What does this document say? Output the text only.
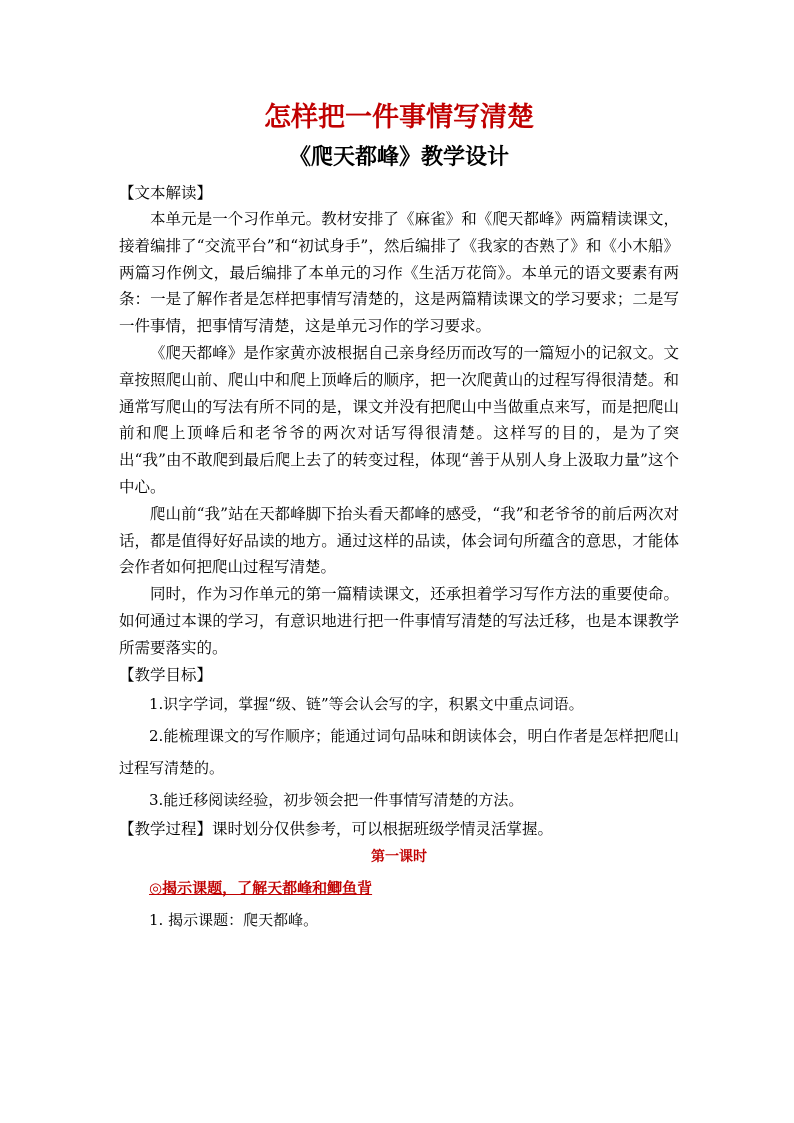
怎样把一件事情写清楚
《爬天都峰》教学设计

【文本解读】

本单元是一个习作单元。教材安排了《麻雀》和《爬天都峰》两篇精读课文，接着编排了“交流平台”和“初试身手”，然后编排了《我家的杏熟了》和《小木船》两篇习作例文，最后编排了本单元的习作《生活万花筒》。本单元的语文要素有两条：一是了解作者是怎样把事情写清楚的，这是两篇精读课文的学习要求；二是写一件事情，把事情写清楚，这是单元习作的学习要求。

《爬天都峰》是作家黄亦波根据自己亲身经历而改写的一篇短小的记叙文。文章按照爬山前、爬山中和爬上顶峰后的顺序，把一次爬黄山的过程写得很清楚。和通常写爬山的写法有所不同的是，课文并没有把爬山中当做重点来写，而是把爬山前和爬上顶峰后和老爷爷的两次对话写得很清楚。这样写的目的，是为了突出“我”由不敢爬到最后爬上去了的转变过程，体现“善于从别人身上汲取力量”这个中心。

爬山前“我”站在天都峰脚下抬头看天都峰的感受，“我”和老爷爷的前后两次对话，都是值得好好品读的地方。通过这样的品读，体会词句所蕴含的意思，才能体会作者如何把爬山过程写清楚。

同时，作为习作单元的第一篇精读课文，还承担着学习写作方法的重要使命。如何通过本课的学习，有意识地进行把一件事情写清楚的写法迁移，也是本课教学所需要落实的。

【教学目标】

1.识字学词，掌握“级、链”等会认会写的字，积累文中重点词语。

2.能梳理课文的写作顺序；能通过词句品味和朗读体会，明白作者是怎样把爬山过程写清楚的。

3.能迁移阅读经验，初步领会把一件事情写清楚的方法。

【教学过程】课时划分仅供参考，可以根据班级学情灵活掌握。

第一课时

◎揭示课题，了解天都峰和鲫鱼背

1. 揭示课题：爬天都峰。
